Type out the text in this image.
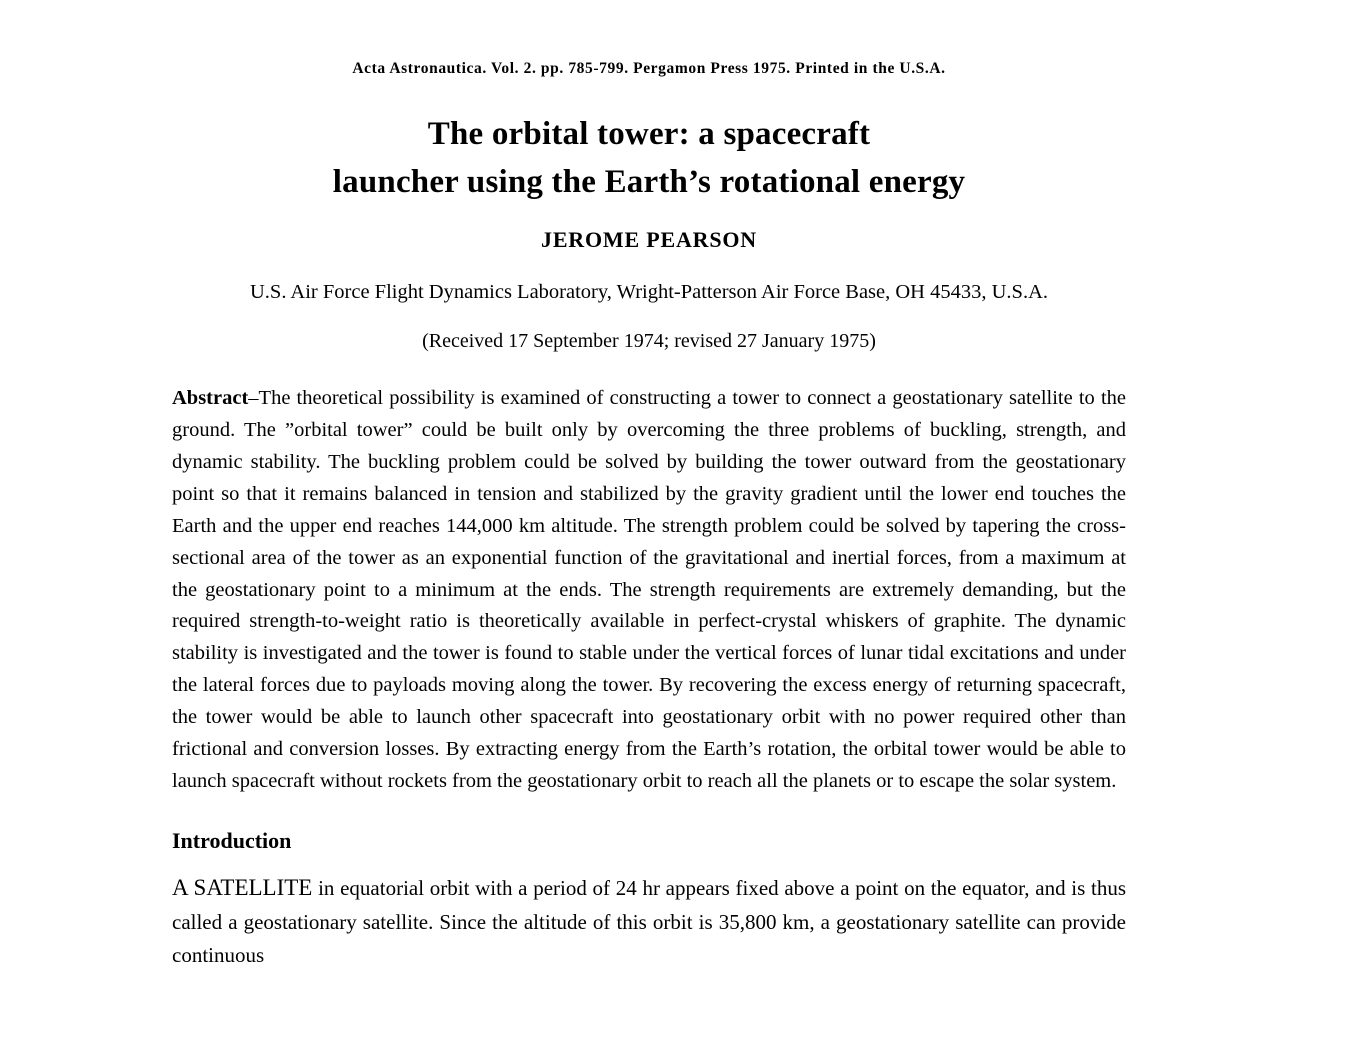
Acta Astronautica. Vol. 2. pp. 785-799. Pergamon Press 1975. Printed in the U.S.A.
The orbital tower: a spacecraft
launcher using the Earth’s rotational energy
JEROME PEARSON
U.S. Air Force Flight Dynamics Laboratory, Wright-Patterson Air Force Base, OH 45433, U.S.A.
(Received 17 September 1974; revised 27 January 1975)
Abstract–The theoretical possibility is examined of constructing a tower to connect a geostationary satellite to the ground. The ”orbital tower” could be built only by overcoming the three problems of buckling, strength, and dynamic stability. The buckling problem could be solved by building the tower outward from the geostationary point so that it remains balanced in tension and stabilized by the gravity gradient until the lower end touches the Earth and the upper end reaches 144,000 km altitude. The strength problem could be solved by tapering the cross-sectional area of the tower as an exponential function of the gravitational and inertial forces, from a maximum at the geostationary point to a minimum at the ends. The strength requirements are extremely demanding, but the required strength-to-weight ratio is theoretically available in perfect-crystal whiskers of graphite. The dynamic stability is investigated and the tower is found to stable under the vertical forces of lunar tidal excitations and under the lateral forces due to payloads moving along the tower. By recovering the excess energy of returning spacecraft, the tower would be able to launch other spacecraft into geostationary orbit with no power required other than frictional and conversion losses. By extracting energy from the Earth’s rotation, the orbital tower would be able to launch spacecraft without rockets from the geostationary orbit to reach all the planets or to escape the solar system.
Introduction
A SATELLITE in equatorial orbit with a period of 24 hr appears fixed above a point on the equator, and is thus called a geostationary satellite. Since the altitude of this orbit is 35,800 km, a geostationary satellite can provide continuous
